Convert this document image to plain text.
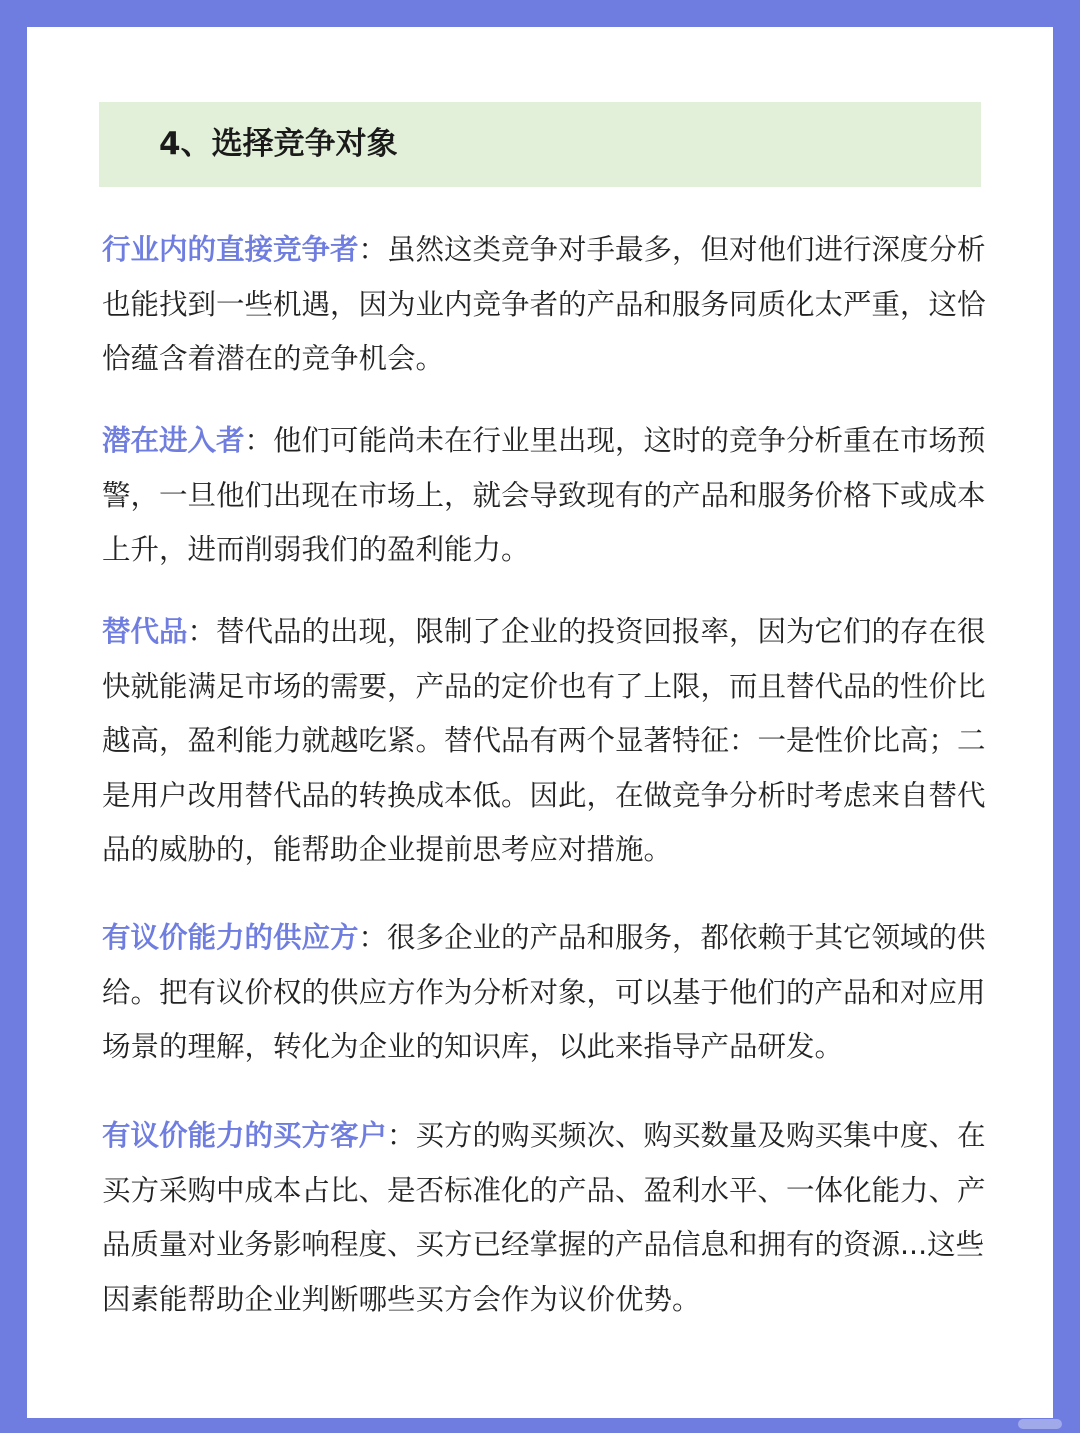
4、选择竞争对象

行业内的直接竞争者：虽然这类竞争对手最多，但对他们进行深度分析也能找到一些机遇，因为业内竞争者的产品和服务同质化太严重，这恰恰蕴含着潜在的竞争机会。

潜在进入者：他们可能尚未在行业里出现，这时的竞争分析重在市场预警，一旦他们出现在市场上，就会导致现有的产品和服务价格下或成本上升，进而削弱我们的盈利能力。

替代品：替代品的出现，限制了企业的投资回报率，因为它们的存在很快就能满足市场的需要，产品的定价也有了上限，而且替代品的性价比越高，盈利能力就越吃紧。替代品有两个显著特征：一是性价比高；二是用户改用替代品的转换成本低。因此，在做竞争分析时考虑来自替代品的威胁的，能帮助企业提前思考应对措施。

有议价能力的供应方：很多企业的产品和服务，都依赖于其它领域的供给。把有议价权的供应方作为分析对象，可以基于他们的产品和对应用场景的理解，转化为企业的知识库，以此来指导产品研发。

有议价能力的买方客户：买方的购买频次、购买数量及购买集中度、在买方采购中成本占比、是否标准化的产品、盈利水平、一体化能力、产品质量对业务影响程度、买方已经掌握的产品信息和拥有的资源...这些因素能帮助企业判断哪些买方会作为议价优势。
